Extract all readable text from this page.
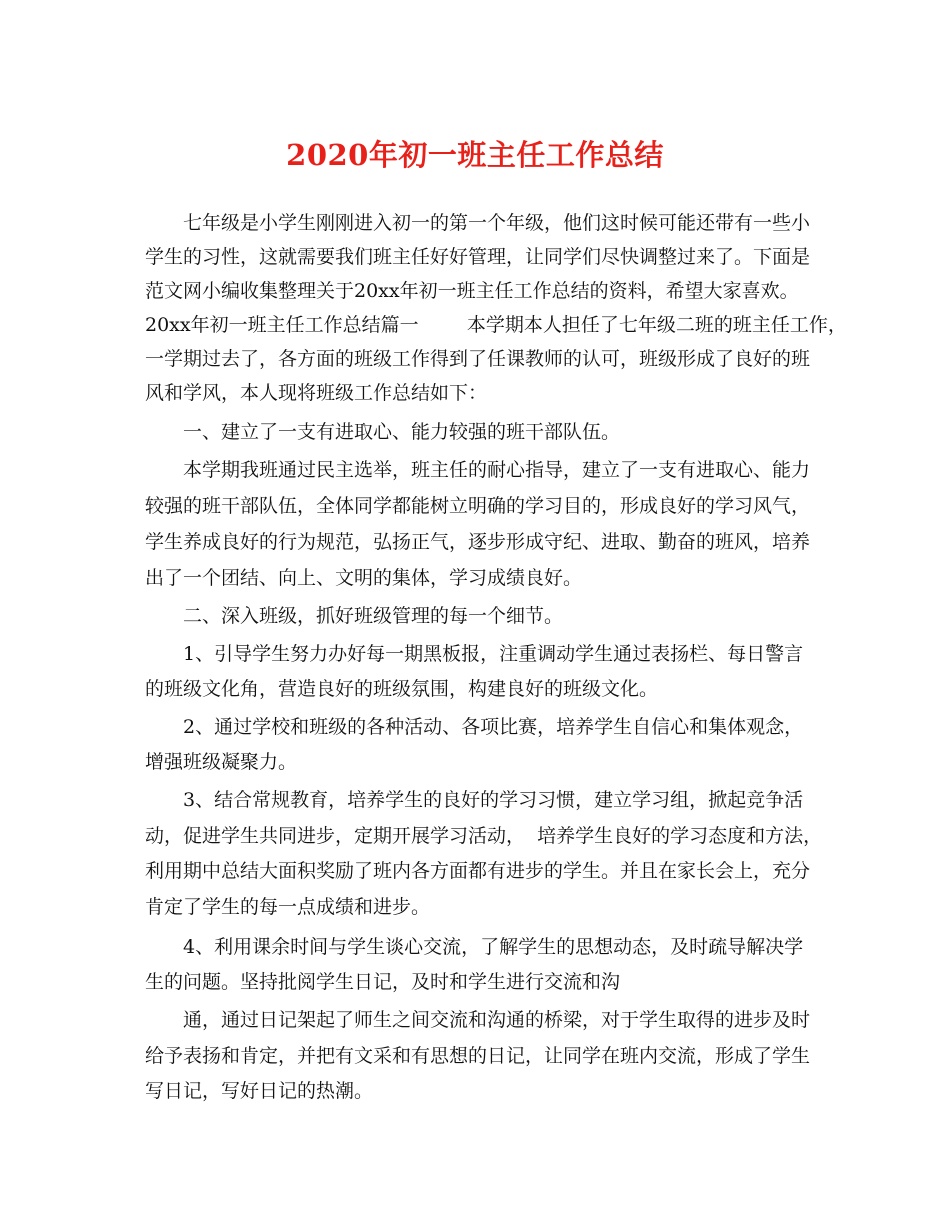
2020年初一班主任工作总结
七年级是小学生刚刚进入初一的第一个年级，他们这时候可能还带有一些小
学生的习性，这就需要我们班主任好好管理，让同学们尽快调整过来了。下面是
范文网小编收集整理关于20xx年初一班主任工作总结的资料，希望大家喜欢。
20xx年初一班主任工作总结篇一        本学期本人担任了七年级二班的班主任工作，
一学期过去了，各方面的班级工作得到了任课教师的认可，班级形成了良好的班
风和学风，本人现将班级工作总结如下：
一、建立了一支有进取心、能力较强的班干部队伍。
本学期我班通过民主选举，班主任的耐心指导，建立了一支有进取心、能力
较强的班干部队伍，全体同学都能树立明确的学习目的，形成良好的学习风气，
学生养成良好的行为规范，弘扬正气，逐步形成守纪、进取、勤奋的班风，培养
出了一个团结、向上、文明的集体，学习成绩良好。
二、深入班级，抓好班级管理的每一个细节。
1、引导学生努力办好每一期黑板报，注重调动学生通过表扬栏、每日警言
的班级文化角，营造良好的班级氛围，构建良好的班级文化。
2、通过学校和班级的各种活动、各项比赛，培养学生自信心和集体观念，
增强班级凝聚力。
3、结合常规教育，培养学生的良好的学习习惯，建立学习组，掀起竞争活
动，促进学生共同进步，定期开展学习活动，  培养学生良好的学习态度和方法，
利用期中总结大面积奖励了班内各方面都有进步的学生。并且在家长会上，充分
肯定了学生的每一点成绩和进步。
4、利用课余时间与学生谈心交流，了解学生的思想动态，及时疏导解决学
生的问题。坚持批阅学生日记，及时和学生进行交流和沟
通，通过日记架起了师生之间交流和沟通的桥梁，对于学生取得的进步及时
给予表扬和肯定，并把有文采和有思想的日记，让同学在班内交流，形成了学生
写日记，写好日记的热潮。
